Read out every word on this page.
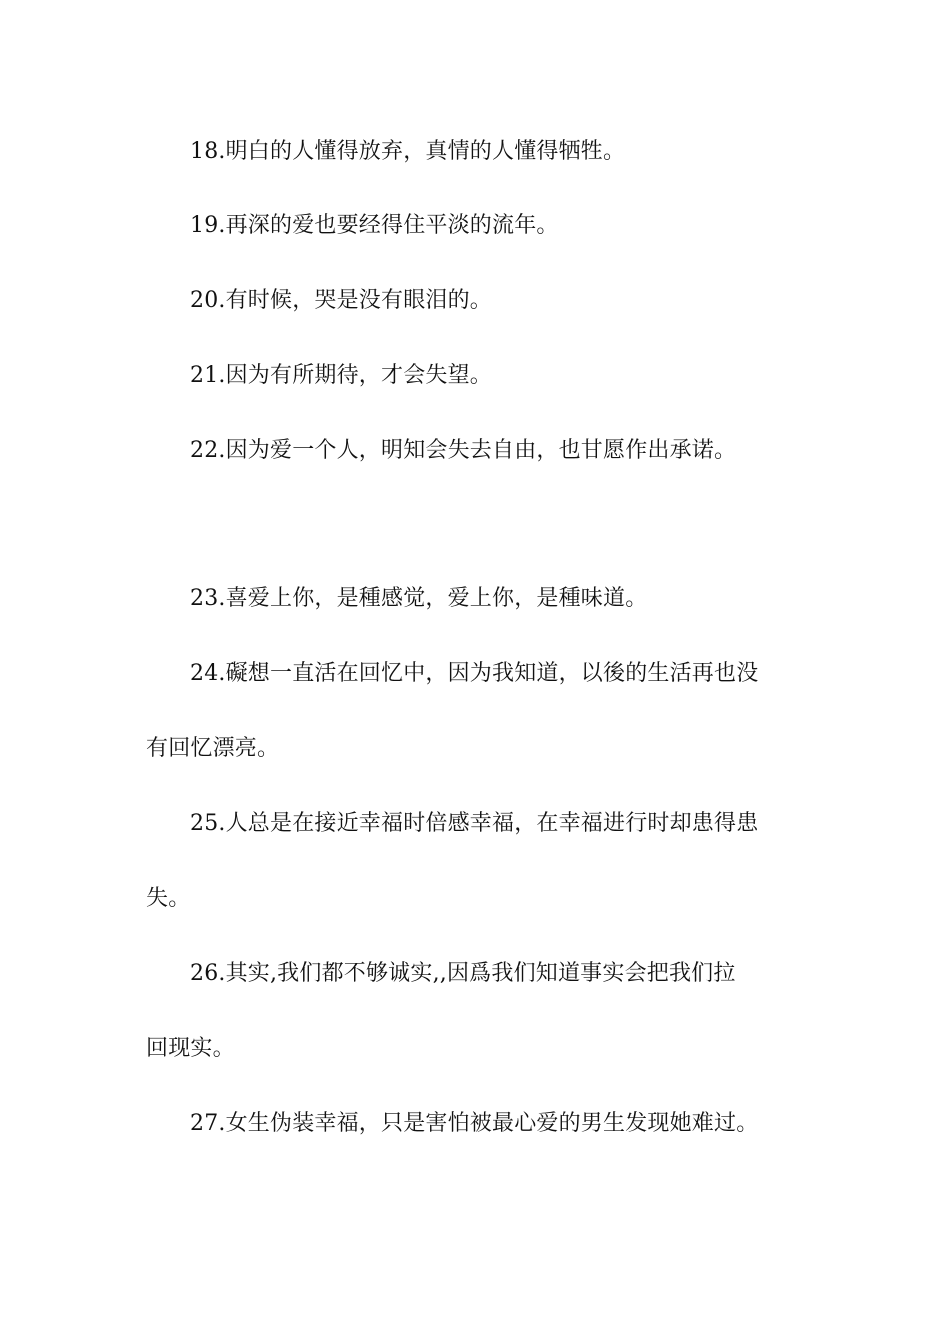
18.明白的人懂得放弃，真情的人懂得牺牲。

19.再深的爱也要经得住平淡的流年。

20.有时候，哭是没有眼泪的。

21.因为有所期待，才会失望。

22.因为爱一个人，明知会失去自由，也甘愿作出承诺。

23.喜爱上你，是種感觉，爱上你，是種味道。

24.礙想一直活在回忆中，因为我知道，以後的生活再也没

有回忆漂亮。

25.人总是在接近幸福时倍感幸福，在幸福进行时却患得患

失。

26.其实,我们都不够诚实,,因爲我们知道事实会把我们拉

回现实。

27.女生伪装幸福，只是害怕被最心爱的男生发现她难过。
